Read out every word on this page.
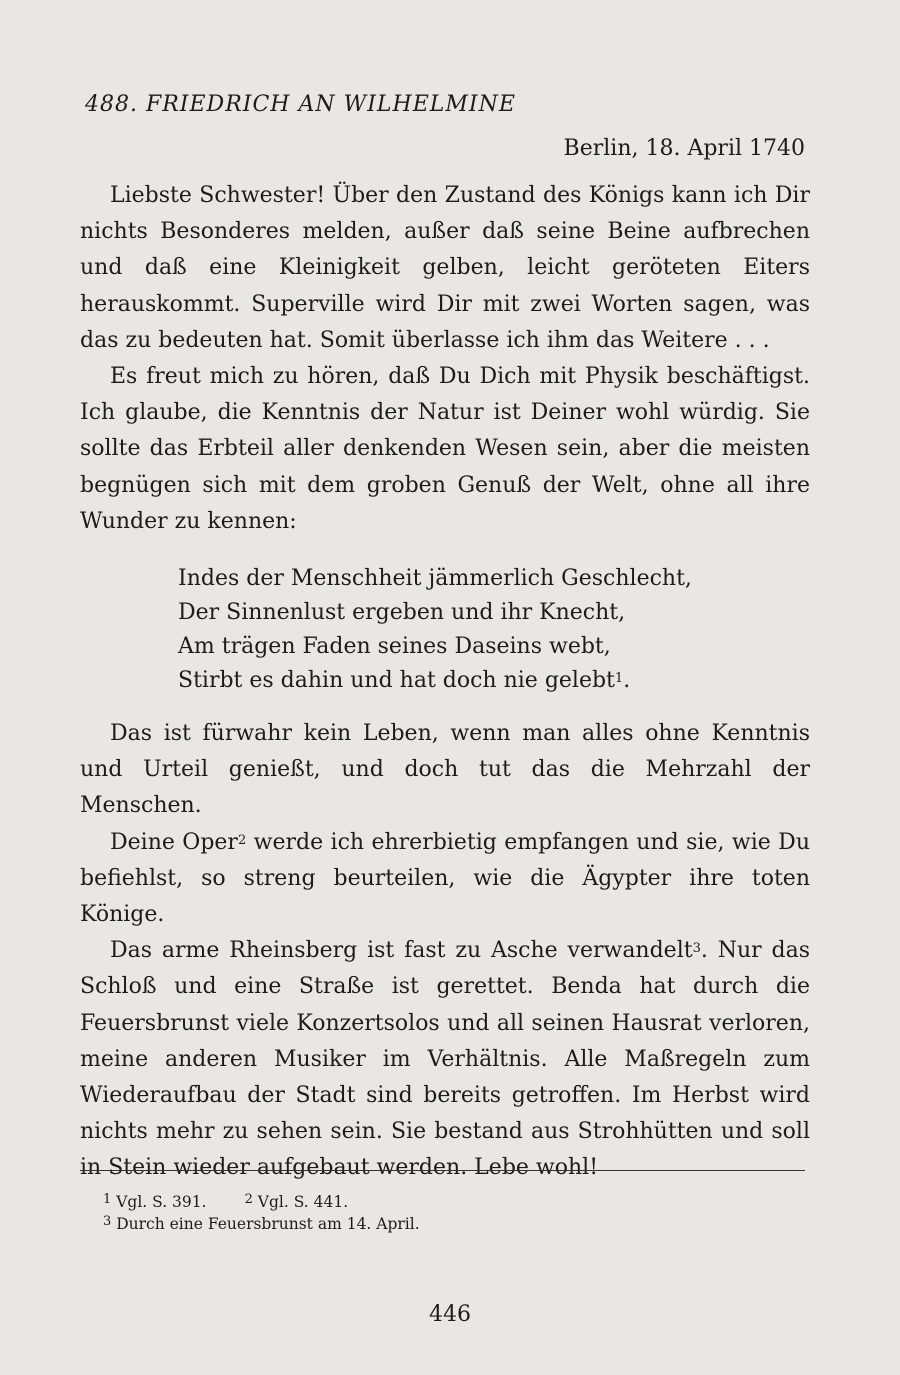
488. FRIEDRICH AN WILHELMINE
Berlin, 18. April 1740

Liebste Schwester! Über den Zustand des Königs kann ich Dir nichts Besonderes melden, außer daß seine Beine aufbrechen und daß eine Kleinigkeit gelben, leicht geröteten Eiters herauskommt. Superville wird Dir mit zwei Worten sagen, was das zu bedeuten hat. Somit überlasse ich ihm das Weitere . . .

Es freut mich zu hören, daß Du Dich mit Physik beschäftigst. Ich glaube, die Kenntnis der Natur ist Deiner wohl würdig. Sie sollte das Erbteil aller denkenden Wesen sein, aber die meisten begnügen sich mit dem groben Genuß der Welt, ohne all ihre Wunder zu kennen:

Indes der Menschheit jämmerlich Geschlecht,
Der Sinnenlust ergeben und ihr Knecht,
Am trägen Faden seines Daseins webt,
Stirbt es dahin und hat doch nie gelebt$^1$.

Das ist fürwahr kein Leben, wenn man alles ohne Kenntnis und Urteil genießt, und doch tut das die Mehrzahl der Menschen.

Deine Oper$^2$ werde ich ehrerbietig empfangen und sie, wie Du befiehlst, so streng beurteilen, wie die Ägypter ihre toten Könige.

Das arme Rheinsberg ist fast zu Asche verwandelt$^3$. Nur das Schloß und eine Straße ist gerettet. Benda hat durch die Feuersbrunst viele Konzertsolos und all seinen Hausrat verloren, meine anderen Musiker im Verhältnis. Alle Maßregeln zum Wiederaufbau der Stadt sind bereits getroffen. Im Herbst wird nichts mehr zu sehen sein. Sie bestand aus Strohhütten und soll in Stein wieder aufgebaut werden. Lebe wohl!

$^1$ Vgl. S. 391.	$^2$ Vgl. S. 441.
$^3$ Durch eine Feuersbrunst am 14. April.
446
